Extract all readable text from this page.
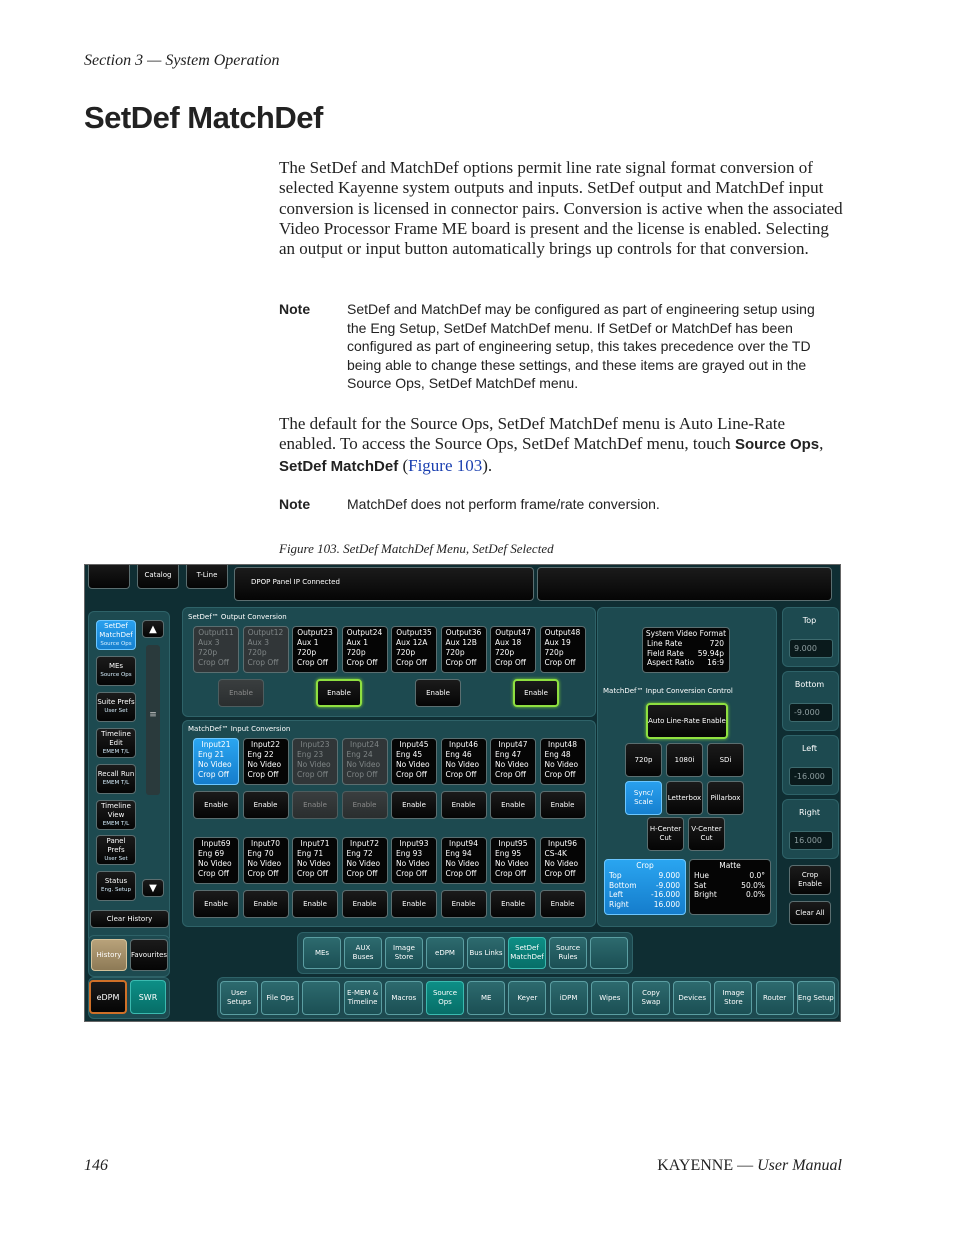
Section 3 — System Operation
SetDef MatchDef

The SetDef and MatchDef options permit line rate signal format conversion of selected Kayenne system outputs and inputs. SetDef output and MatchDef input conversion is licensed in connector pairs. Conversion is active when the associated Video Processor Frame ME board is present and the license is enabled. Selecting an output or input button automatically brings up controls for that conversion.

Note	SetDef and MatchDef may be configured as part of engineering setup using the Eng Setup, SetDef MatchDef menu. If SetDef or MatchDef has been configured as part of engineering setup, this takes precedence over the TD being able to change these settings, and these items are grayed out in the Source Ops, SetDef MatchDef menu.

The default for the Source Ops, SetDef MatchDef menu is Auto Line-Rate enabled. To access the Source Ops, SetDef MatchDef menu, touch Source Ops, SetDef MatchDef (Figure 103).

Note	MatchDef does not perform frame/rate conversion.
Figure 103. SetDef MatchDef Menu, SetDef Selected
Catalog	T-Line
DPOP Panel IP Connected
SetDef MatchDef
Source Ops
MEs
Source Ops
Suite Prefs
User Set
Timeline Edit
EMEM T/L
Recall Run
EMEM T/L
Timeline View
EMEM T/L
Panel Prefs
User Set
Status
Eng. Setup
▲
≡
▼
Clear History
History	Favourites
eDPM	SWR
SetDef™ Output Conversion
Output11
Aux 3
720p
Crop Off
Output12
Aux 3
720p
Crop Off
Output23
Aux 1
720p
Crop Off
Output24
Aux 1
720p
Crop Off
Output35
Aux 12A
720p
Crop Off
Output36
Aux 12B
720p
Crop Off
Output47
Aux 18
720p
Crop Off
Output48
Aux 19
720p
Crop Off
Enable	Enable	Enable	Enable
MatchDef™ Input Conversion
Input21
Eng 21
No Video
Crop Off
Input22
Eng 22
No Video
Crop Off
Input23
Eng 23
No Video
Crop Off
Input24
Eng 24
No Video
Crop Off
Input45
Eng 45
No Video
Crop Off
Input46
Eng 46
No Video
Crop Off
Input47
Eng 47
No Video
Crop Off
Input48
Eng 48
No Video
Crop Off
Enable	Enable	Enable	Enable	Enable	Enable	Enable	Enable
Input69
Eng 69
No Video
Crop Off
Input70
Eng 70
No Video
Crop Off
Input71
Eng 71
No Video
Crop Off
Input72
Eng 72
No Video
Crop Off
Input93
Eng 93
No Video
Crop Off
Input94
Eng 94
No Video
Crop Off
Input95
Eng 95
No Video
Crop Off
Input96
CS-4K
No Video
Crop Off
Enable	Enable	Enable	Enable	Enable	Enable	Enable	Enable
System Video Format
Line Rate	720
Field Rate 59.94p
Aspect Ratio 16:9
MatchDef™ Input Conversion Control
Auto Line-Rate Enable
720p	1080i	SDi
Sync/ Scale
Letterbox	Pillarbox
H-Center Cut
V-Center Cut
Crop
Top	9.000
Bottom	-9.000
Left	-16.000
Right	16.000
Matte
Hue	0.0°
Sat	50.0%
Bright	0.0%
Top
9.000
Bottom
-9.000
Left
-16.000
Right
16.000
Crop Enable
Clear All
MEs
AUX Buses
Image Store
eDPM	Bus Links
SetDef MatchDef
Source Rules
User Setups
File Ops
E-MEM & Timeline
Macros
Source Ops
ME	Keyer	iDPM	Wipes
Copy Swap
Devices
Image Store
Router	Eng Setup
146	KAYENNE — User Manual
